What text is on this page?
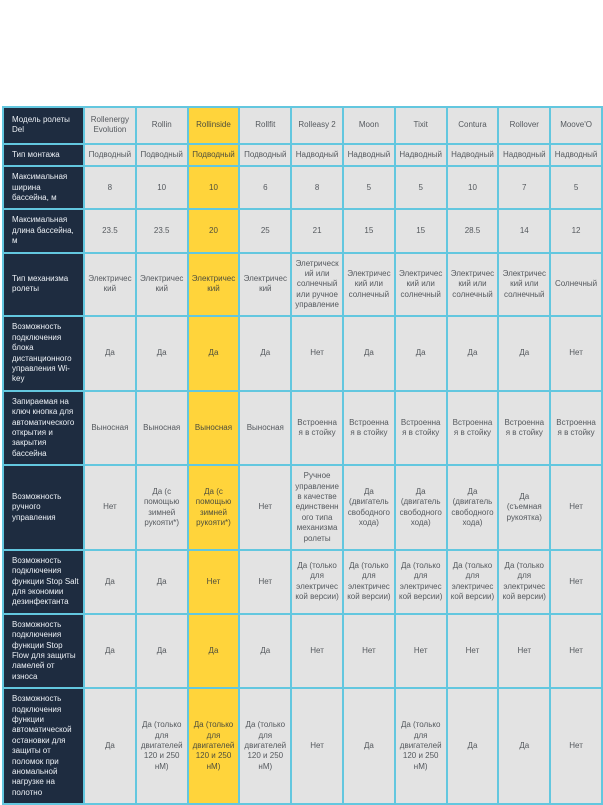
Модель ролеты Del	Rollenergy Evolution	Rollin	Rollinside	Rollfit	Rolleasy 2	Moon	Tixit	Contura	Rollover	Moove'O
Тип монтажа	Подводный	Подводный	Подводный	Подводный	Надводный	Надводный	Надводный	Надводный	Надводный	Надводный
Максимальная ширина бассейна, м	8	10	10	6	8	5	5	10	7	5
Максимальная длина бассейна, м	23.5	23.5	20	25	21	15	15	28.5	14	12
Тип механизма ролеты	Электрический	Электрический	Электрический	Электрический	Элетрический или солнечный или ручное управление	Электрический или солнечный	Электрический или солнечный	Электрический или солнечный	Электрический или солнечный	Солнечный
Возможность подключения блока дистанционного управления Wi-key	Да	Да	Да	Да	Нет	Да	Да	Да	Да	Нет
Запираемая на ключ кнопка для автоматического открытия и закрытия бассейна	Выносная	Выносная	Выносная	Выносная	Встроенная в стойку	Встроенная в стойку	Встроенная в стойку	Встроенная в стойку	Встроенная в стойку	Встроенная в стойку
Возможность ручного управления	Нет	Да (с помощью зимней рукояти*)	Да (с помощью зимней рукояти*)	Нет	Ручное управление в качестве единственного типа механизма ролеты	Да (двигатель свободного хода)	Да (двигатель свободного хода)	Да (двигатель свободного хода)	Да (съемная рукоятка)	Нет
Возможность подключения функции Stop Salt для экономии дезинфектанта	Да	Да	Нет	Нет	Да (только для электрической версии)	Да (только для электрической версии)	Да (только для электрической версии)	Да (только для электрической версии)	Да (только для электрической версии)	Нет
Возможность подключения функции Stop Flow для защиты ламелей от износа	Да	Да	Да	Да	Нет	Нет	Нет	Нет	Нет	Нет
Возможность подключения функции автоматической остановки для защиты от поломок при аномальной нагрузке на полотно	Да	Да (только для двигателей 120 и 250 нМ)	Да (только для двигателей 120 и 250 нМ)	Да (только для двигателей 120 и 250 нМ)	Нет	Да	Да (только для двигателей 120 и 250 нМ)	Да	Да	Нет
